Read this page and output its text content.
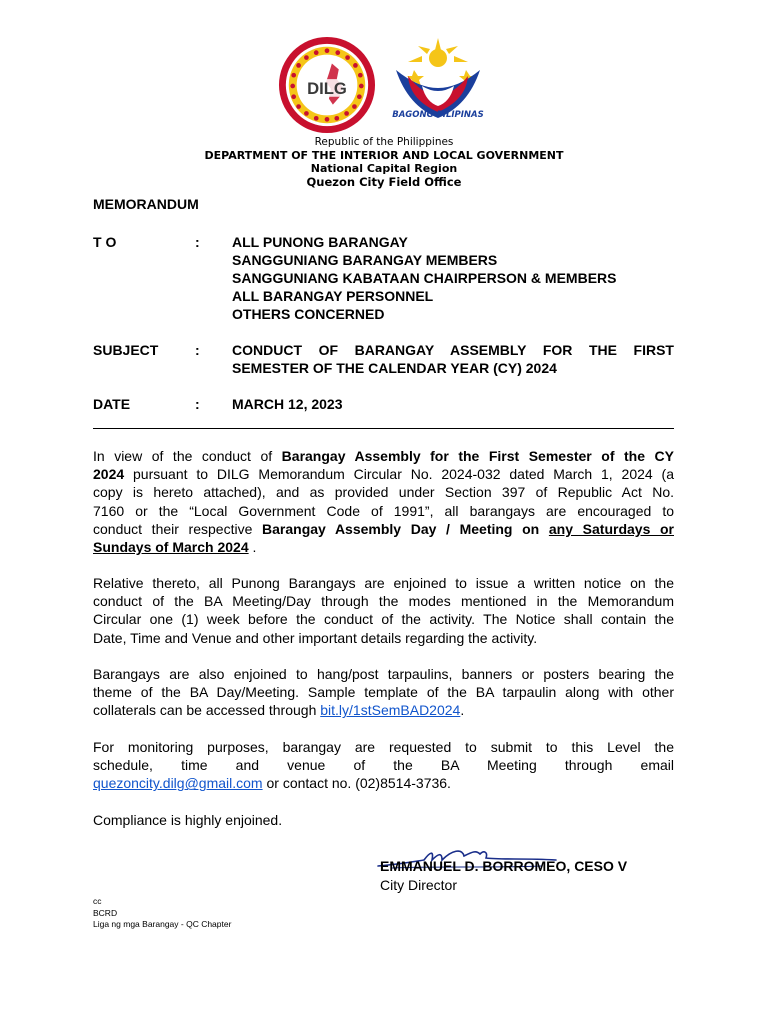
DILG
BAGONG PILIPINAS
Republic of the Philippines
DEPARTMENT OF THE INTERIOR AND LOCAL GOVERNMENT
National Capital Region
Quezon City Field Office
MEMORANDUM
T O	: ALL PUNONG BARANGAY
SANGGUNIANG BARANGAY MEMBERS
SANGGUNIANG KABATAAN CHAIRPERSON & MEMBERS
ALL BARANGAY PERSONNEL
OTHERS CONCERNED
SUBJECT	: CONDUCT OF BARANGAY ASSEMBLY FOR THE FIRST
SEMESTER OF THE CALENDAR YEAR (CY) 2024
DATE	: MARCH 12, 2023
In view of the conduct of Barangay Assembly for the First Semester of the CY
2024 pursuant to DILG Memorandum Circular No. 2024-032 dated March 1, 2024 (a
copy is hereto attached), and as provided under Section 397 of Republic Act No.
7160 or the “Local Government Code of 1991”, all barangays are encouraged to
conduct their respective Barangay Assembly Day / Meeting on any Saturdays or
Sundays of March 2024 .
Relative thereto, all Punong Barangays are enjoined to issue a written notice on the
conduct of the BA Meeting/Day through the modes mentioned in the Memorandum
Circular one (1) week before the conduct of the activity. The Notice shall contain the
Date, Time and Venue and other important details regarding the activity.
Barangays are also enjoined to hang/post tarpaulins, banners or posters bearing the
theme of the BA Day/Meeting. Sample template of the BA tarpaulin along with other
collaterals can be accessed through bit.ly/1stSemBAD2024.
For monitoring purposes, barangay are requested to submit to this Level the
schedule, time and venue of the BA Meeting through email
quezoncity.dilg@gmail.com or contact no. (02)8514-3736.
Compliance is highly enjoined.
EMMANUEL D. BORROMEO, CESO V
City Director
cc
BCRD
Liga ng mga Barangay - QC Chapter
